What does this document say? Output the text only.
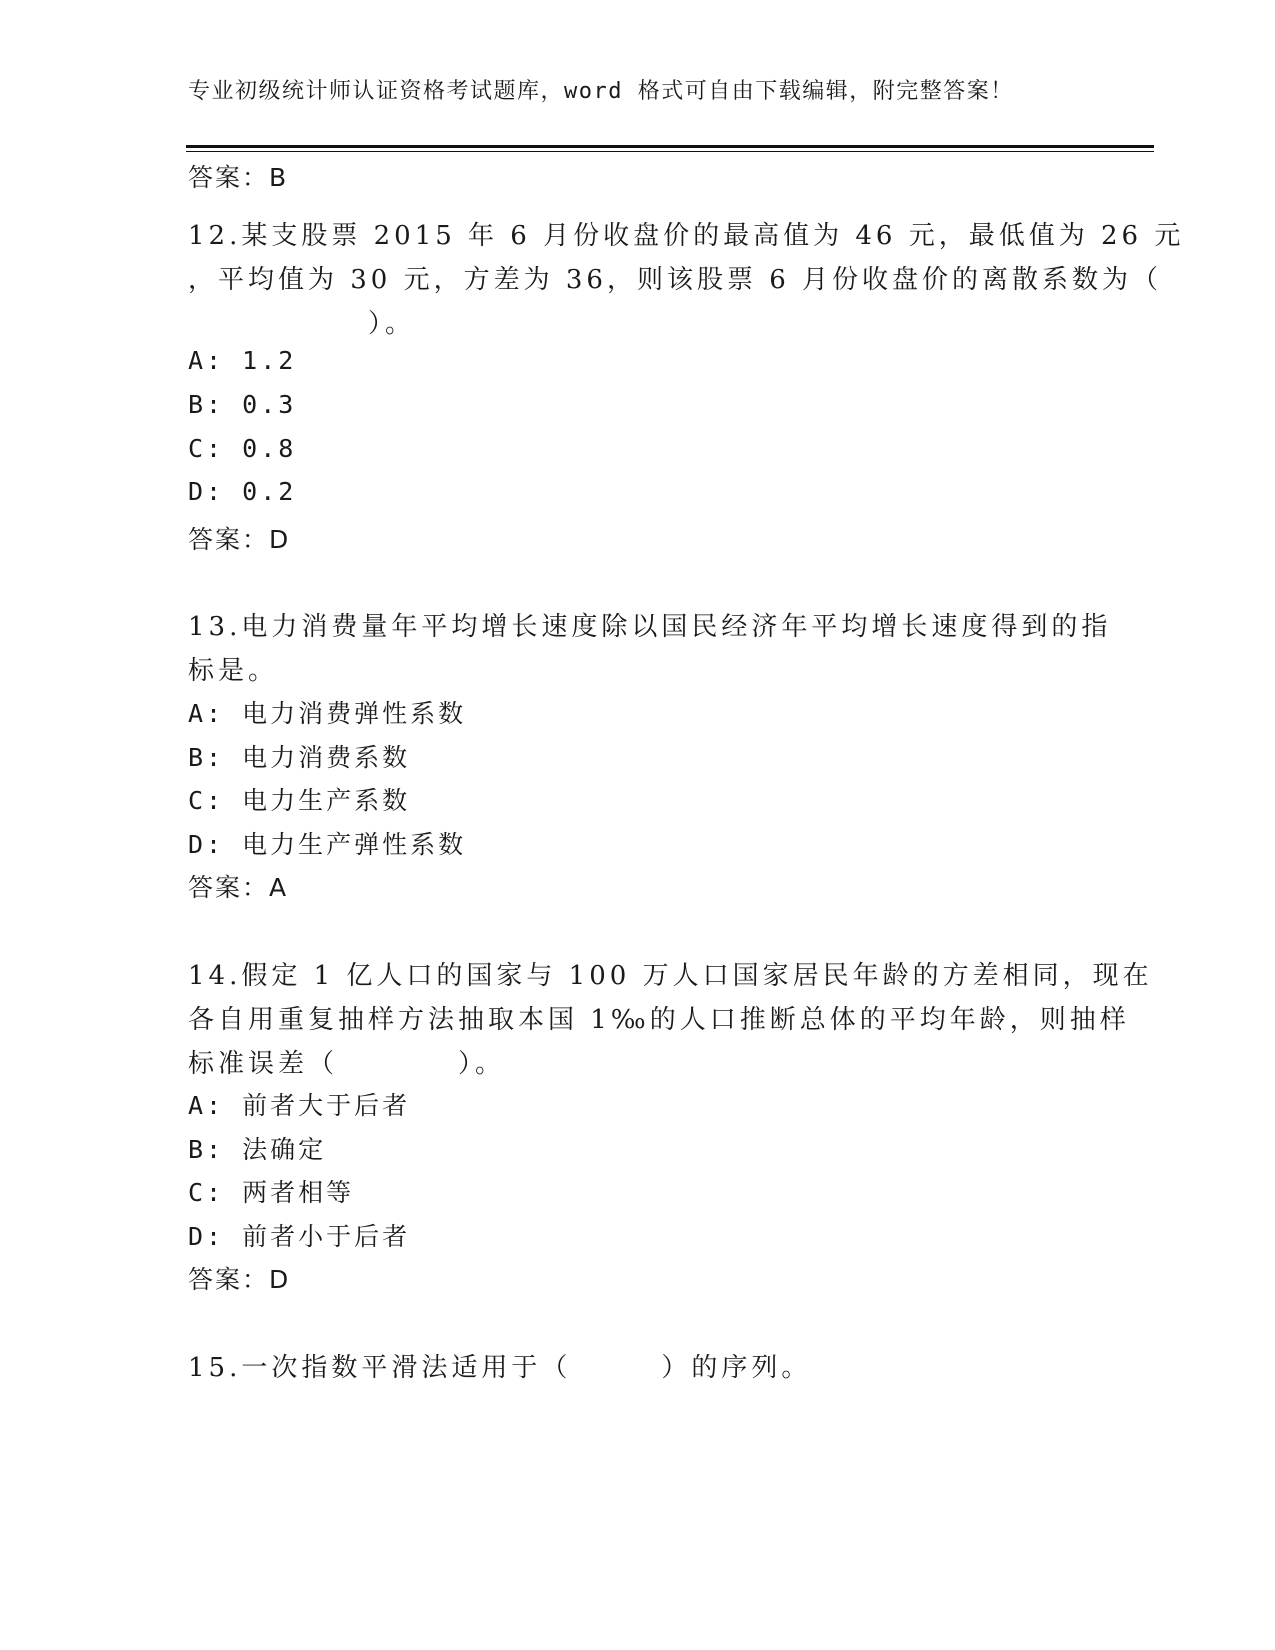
专业初级统计师认证资格考试题库，word 格式可自由下载编辑，附完整答案！
答案：B
12.某支股票 2015 年 6 月份收盘价的最高值为 46 元，最低值为 26 元
，平均值为 30 元，方差为 36，则该股票 6 月份收盘价的离散系数为（
　　　　　　）。
A: 1.2
B: 0.3
C: 0.8
D: 0.2
答案：D
13.电力消费量年平均增长速度除以国民经济年平均增长速度得到的指
标是。
A: 电力消费弹性系数
B: 电力消费系数
C: 电力生产系数
D: 电力生产弹性系数
答案：A
14.假定 1 亿人口的国家与 100 万人口国家居民年龄的方差相同，现在
各自用重复抽样方法抽取本国 1‰的人口推断总体的平均年龄，则抽样
标准误差（　　　　）。
A: 前者大于后者
B: 法确定
C: 两者相等
D: 前者小于后者
答案：D
15.一次指数平滑法适用于（　　　）的序列。
